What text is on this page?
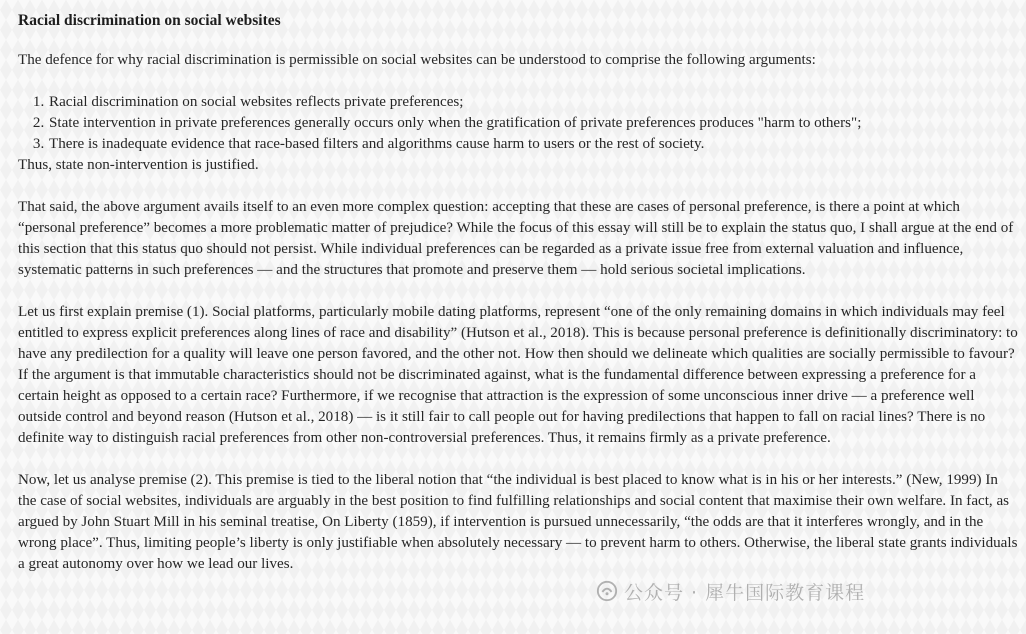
Racial discrimination on social websites

The defence for why racial discrimination is permissible on social websites can be understood to comprise the following arguments:

1. Racial discrimination on social websites reflects private preferences;
2. State intervention in private preferences generally occurs only when the gratification of private preferences produces "harm to others";
3. There is inadequate evidence that race-based filters and algorithms cause harm to users or the rest of society.

Thus, state non-intervention is justified.

That said, the above argument avails itself to an even more complex question: accepting that these are cases of personal preference, is there a point at which “personal preference” becomes a more problematic matter of prejudice? While the focus of this essay will still be to explain the status quo, I shall argue at the end of this section that this status quo should not persist. While individual preferences can be regarded as a private issue free from external valuation and influence, systematic patterns in such preferences — and the structures that promote and preserve them — hold serious societal implications.

Let us first explain premise (1). Social platforms, particularly mobile dating platforms, represent “one of the only remaining domains in which individuals may feel entitled to express explicit preferences along lines of race and disability” (Hutson et al., 2018). This is because personal preference is definitionally discriminatory: to have any predilection for a quality will leave one person favored, and the other not. How then should we delineate which qualities are socially permissible to favour? If the argument is that immutable characteristics should not be discriminated against, what is the fundamental difference between expressing a preference for a certain height as opposed to a certain race? Furthermore, if we recognise that attraction is the expression of some unconscious inner drive — a preference well outside control and beyond reason (Hutson et al., 2018) — is it still fair to call people out for having predilections that happen to fall on racial lines? There is no definite way to distinguish racial preferences from other non-controversial preferences. Thus, it remains firmly as a private preference.

Now, let us analyse premise (2). This premise is tied to the liberal notion that “the individual is best placed to know what is in his or her interests.” (New, 1999) In the case of social websites, individuals are arguably in the best position to find fulfilling relationships and social content that maximise their own welfare. In fact, as argued by John Stuart Mill in his seminal treatise, On Liberty (1859), if intervention is pursued unnecessarily, “the odds are that it interferes wrongly, and in the wrong place”. Thus, limiting people’s liberty is only justifiable when absolutely necessary — to prevent harm to others. Otherwise, the liberal state grants individuals a great autonomy over how we lead our lives.

公众号 · 犀牛国际教育课程
